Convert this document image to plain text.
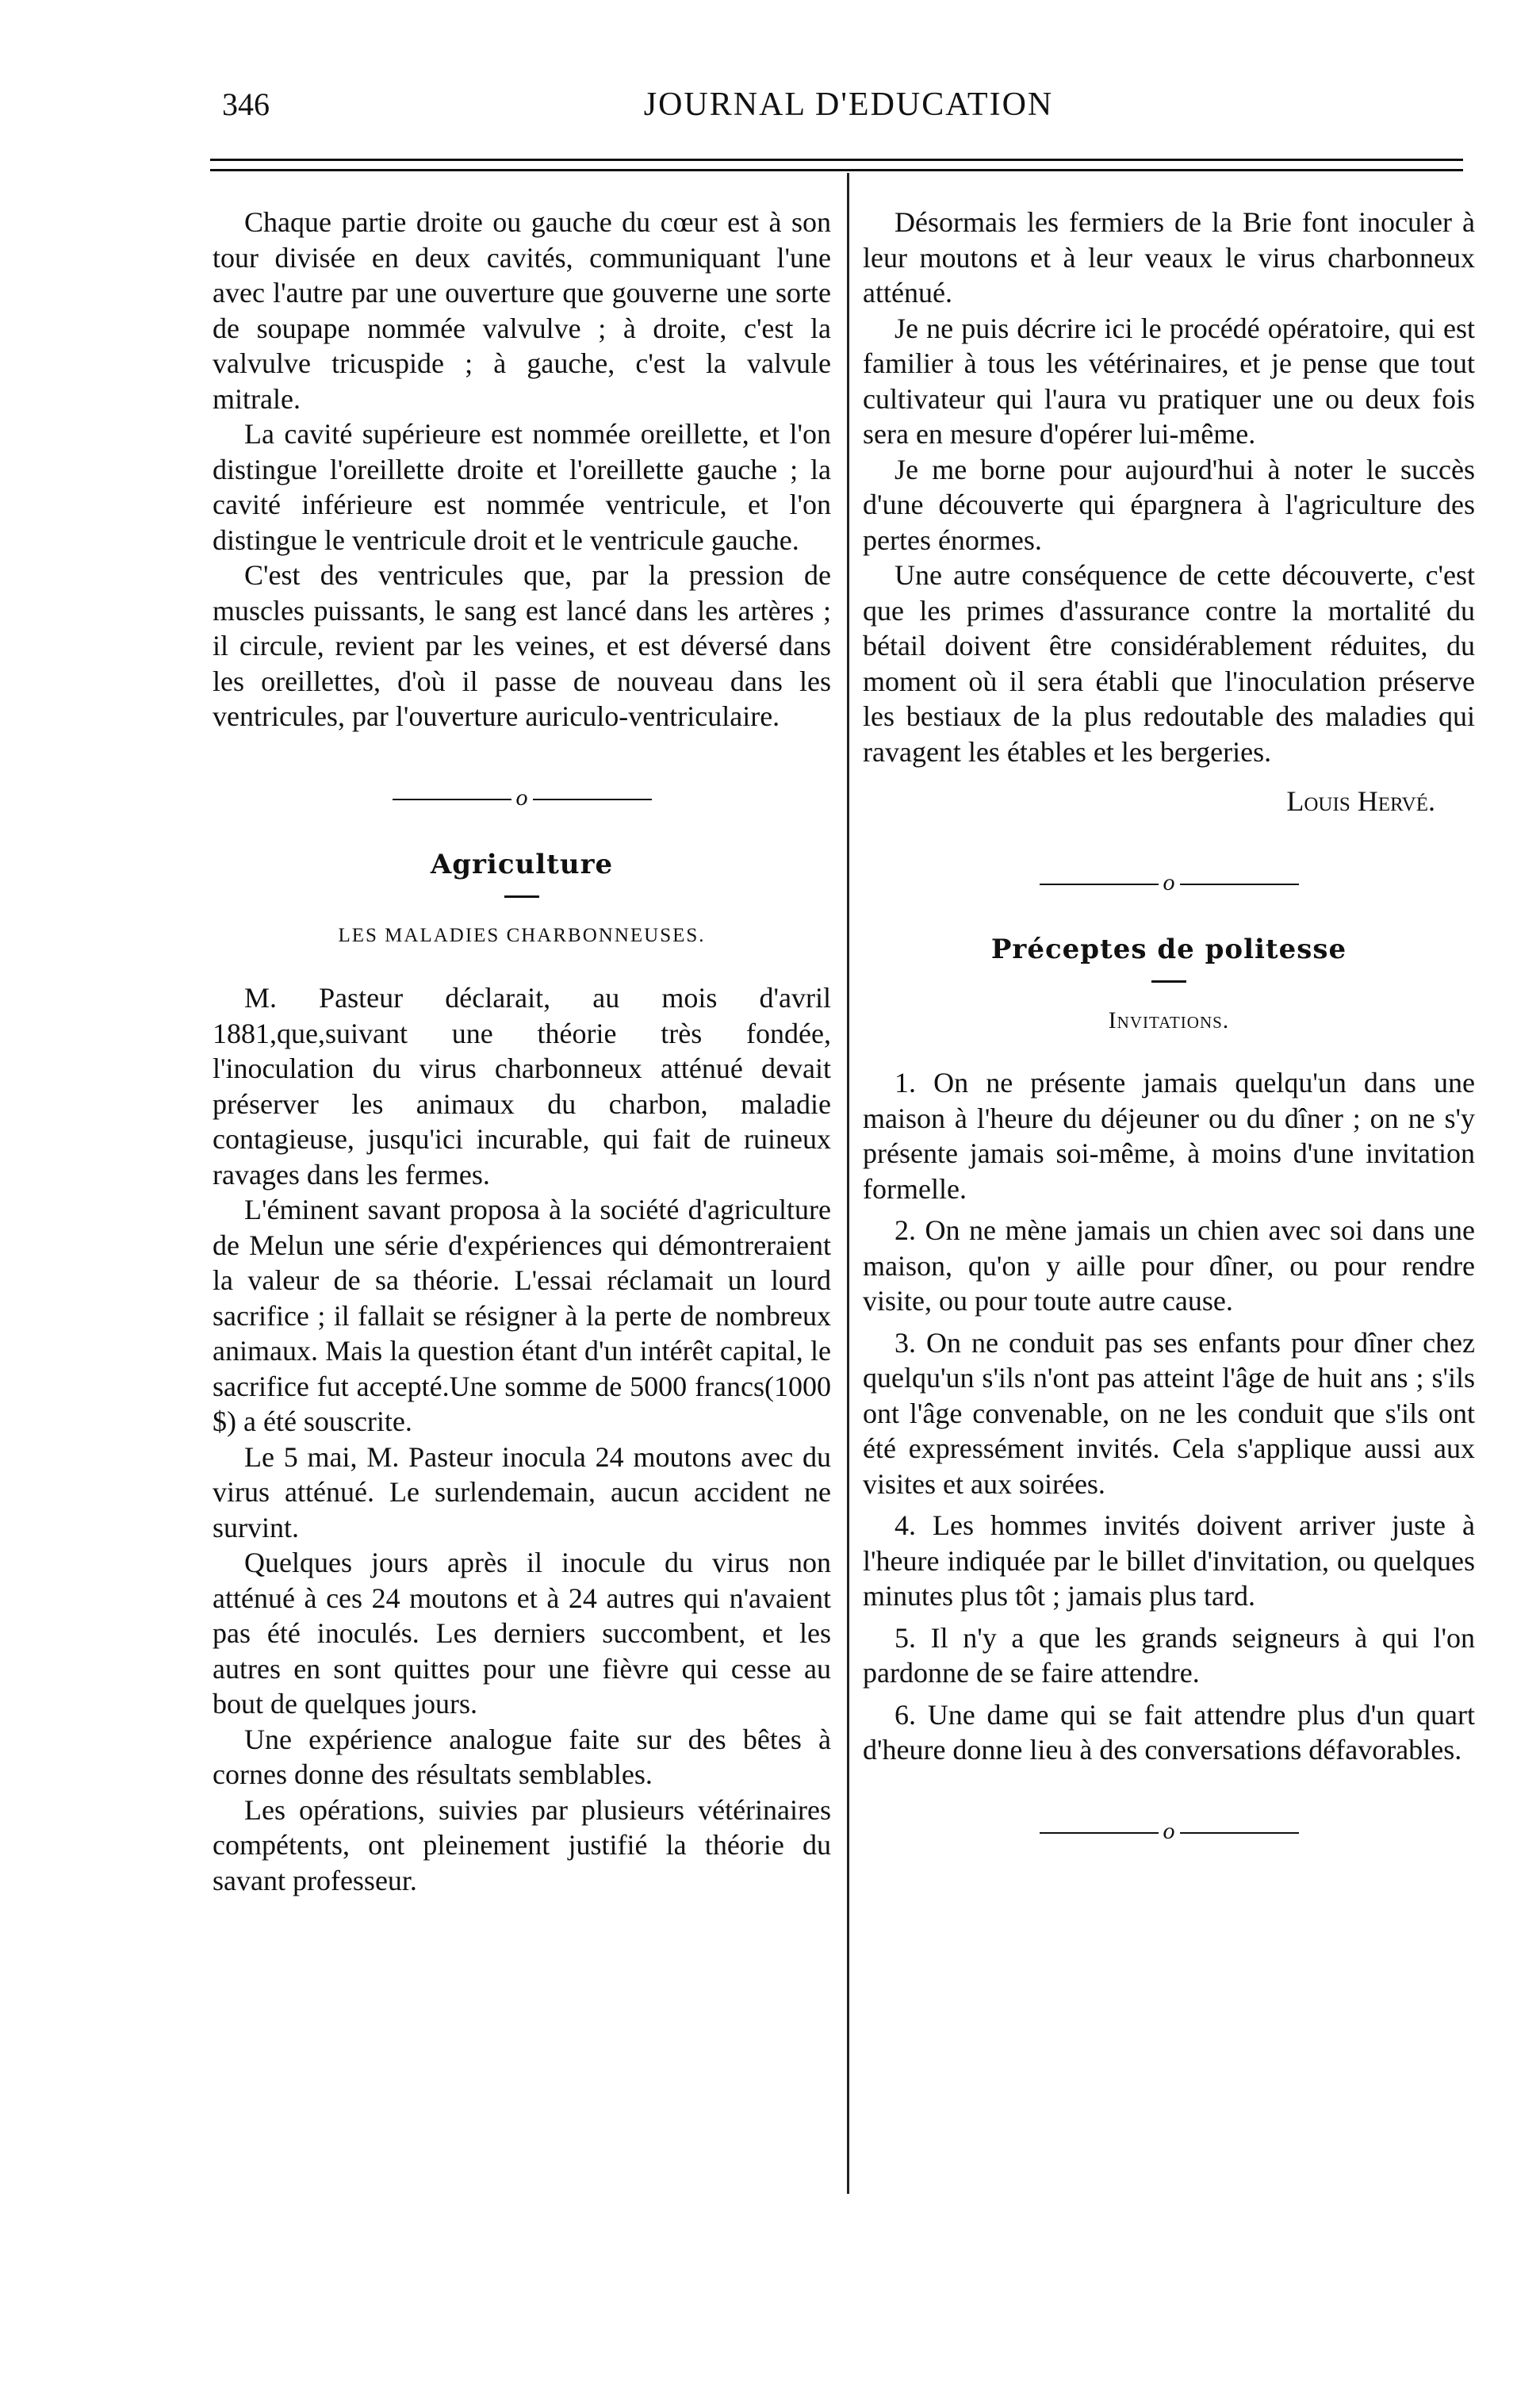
346	JOURNAL D'EDUCATION

Chaque partie droite ou gauche du cœur est à son tour divisée en deux cavités, communiquant l'une avec l'autre par une ouverture que gouverne une sorte de soupape nommée valvulve ; à droite, c'est la valvulve tricuspide ; à gauche, c'est la valvule mitrale.

La cavité supérieure est nommée oreillette, et l'on distingue l'oreillette droite et l'oreillette gauche ; la cavité inférieure est nommée ventricule, et l'on distingue le ventricule droit et le ventricule gauche.

C'est des ventricules que, par la pression de muscles puissants, le sang est lancé dans les artères ; il circule, revient par les veines, et est déversé dans les oreillettes, d'où il passe de nouveau dans les ventricules, par l'ouverture auriculo-ventriculaire.

o
Agriculture
LES MALADIES CHARBONNEUSES.

M. Pasteur déclarait, au mois d'avril 1881,que,suivant une théorie très fondée, l'inoculation du virus charbonneux atténué devait préserver les animaux du charbon, maladie contagieuse, jusqu'ici incurable, qui fait de ruineux ravages dans les fermes.

L'éminent savant proposa à la société d'agriculture de Melun une série d'expériences qui démontreraient la valeur de sa théorie. L'essai réclamait un lourd sacrifice ; il fallait se résigner à la perte de nombreux animaux. Mais la question étant d'un intérêt capital, le sacrifice fut accepté.Une somme de 5000 francs(1000 $) a été souscrite.

Le 5 mai, M. Pasteur inocula 24 moutons avec du virus atténué. Le surlendemain, aucun accident ne survint.

Quelques jours après il inocule du virus non atténué à ces 24 moutons et à 24 autres qui n'avaient pas été inoculés. Les derniers succombent, et les autres en sont quittes pour une fièvre qui cesse au bout de quelques jours.

Une expérience analogue faite sur des bêtes à cornes donne des résultats semblables.

Les opérations, suivies par plusieurs vétérinaires compétents, ont pleinement justifié la théorie du savant professeur.

Désormais les fermiers de la Brie font inoculer à leur moutons et à leur veaux le virus charbonneux atténué.

Je ne puis décrire ici le procédé opératoire, qui est familier à tous les vétérinaires, et je pense que tout cultivateur qui l'aura vu pratiquer une ou deux fois sera en mesure d'opérer lui-même.

Je me borne pour aujourd'hui à noter le succès d'une découverte qui épargnera à l'agriculture des pertes énormes.

Une autre conséquence de cette découverte, c'est que les primes d'assurance contre la mortalité du bétail doivent être considérablement réduites, du moment où il sera établi que l'inoculation préserve les bestiaux de la plus redoutable des maladies qui ravagent les étables et les bergeries.

Louis Hervé.
o
Préceptes de politesse
Invitations.

1. On ne présente jamais quelqu'un dans une maison à l'heure du déjeuner ou du dîner ; on ne s'y présente jamais soi-même, à moins d'une invitation formelle.

2. On ne mène jamais un chien avec soi dans une maison, qu'on y aille pour dîner, ou pour rendre visite, ou pour toute autre cause.

3. On ne conduit pas ses enfants pour dîner chez quelqu'un s'ils n'ont pas atteint l'âge de huit ans ; s'ils ont l'âge convenable, on ne les conduit que s'ils ont été expressément invités. Cela s'applique aussi aux visites et aux soirées.

4. Les hommes invités doivent arriver juste à l'heure indiquée par le billet d'invitation, ou quelques minutes plus tôt ; jamais plus tard.

5. Il n'y a que les grands seigneurs à qui l'on pardonne de se faire attendre.

6. Une dame qui se fait attendre plus d'un quart d'heure donne lieu à des conversations défavorables.

o
